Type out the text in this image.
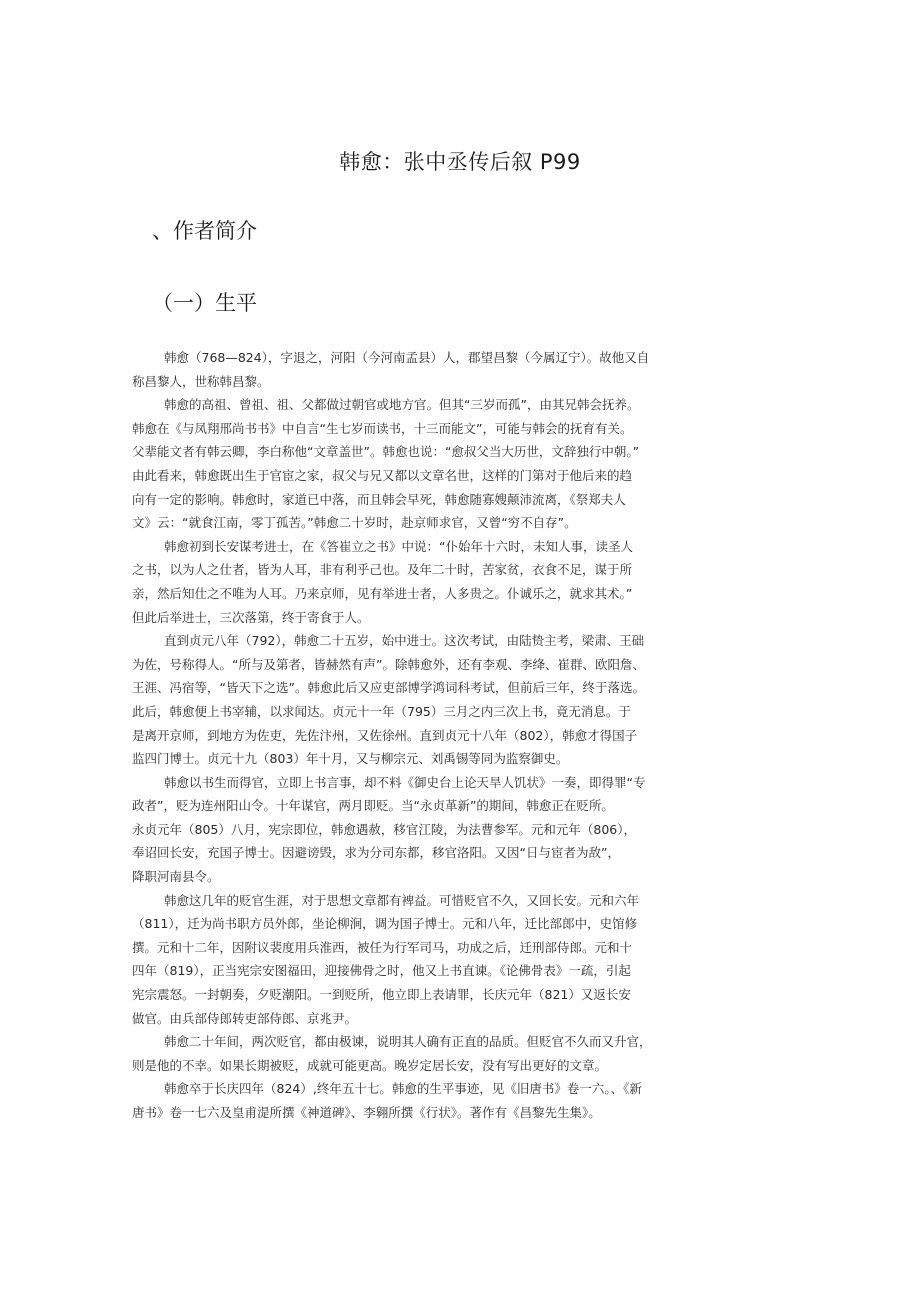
韩愈：张中丞传后叙 P99
、作者简介
（一）生平
韩愈（768—824），字退之，河阳（今河南孟县）人，郡望昌黎（今属辽宁）。故他又自
称昌黎人，世称韩昌黎。
韩愈的高祖、曾祖、祖、父都做过朝官或地方官。但其“三岁而孤”，由其兄韩会抚养。
韩愈在《与凤翔邢尚书书》中自言“生七岁而读书，十三而能文”，可能与韩会的抚育有关。
父辈能文者有韩云卿，李白称他“文章盖世”。韩愈也说：“愈叔父当大历世，文辞独行中朝。”
由此看来，韩愈既出生于官宦之家，叔父与兄又都以文章名世，这样的门第对于他后来的趋
向有一定的影响。韩愈时，家道已中落，而且韩会早死，韩愈随寡嫂颠沛流离，《祭郑夫人
文》云：“就食江南，零丁孤苦。”韩愈二十岁时，赴京师求官，又曾“穷不自存”。
韩愈初到长安谋考进士，在《答崔立之书》中说：“仆始年十六时，未知人事，读圣人
之书，以为人之仕者，皆为人耳，非有利乎己也。及年二十时，苦家贫，衣食不足，谋于所
亲，然后知仕之不唯为人耳。乃来京师，见有举进士者，人多贵之。仆诚乐之，就求其术。”
但此后举进士，三次落第，终于寄食于人。
直到贞元八年（792），韩愈二十五岁，始中进士。这次考试，由陆贽主考，梁肃、王础
为佐，号称得人。“所与及第者，皆赫然有声”。除韩愈外，还有李观、李绛、崔群、欧阳詹、
王涯、冯宿等，“皆天下之选”。韩愈此后又应吏部博学鸿词科考试，但前后三年，终于落选。
此后，韩愈便上书宰辅，以求闻达。贞元十一年（795）三月之内三次上书，竟无消息。于
是离开京师，到地方为佐吏，先佐汴州，又佐徐州。直到贞元十八年（802），韩愈才得国子
监四门博士。贞元十九（803）年十月，又与柳宗元、刘禹锡等同为监察御史。
韩愈以书生而得官，立即上书言事，却不料《御史台上论天旱人饥状》一奏，即得罪“专
政者”，贬为连州阳山令。十年谋官，两月即贬。当“永贞革新”的期间，韩愈正在贬所。
永贞元年（805）八月，宪宗即位，韩愈遇赦，移官江陵，为法曹参军。元和元年（806），
奉诏回长安，充国子博士。因避谤毁，求为分司东都，移官洛阳。又因“日与宦者为敌”，
降职河南县令。
韩愈这几年的贬官生涯，对于思想文章都有裨益。可惜贬官不久，又回长安。元和六年
（811），迁为尚书职方员外郎，坐论柳涧，调为国子博士。元和八年，迁比部郎中，史馆修
撰。元和十二年，因附议裴度用兵淮西，被任为行军司马，功成之后，迁刑部侍郎。元和十
四年（819），正当宪宗安图福田，迎接佛骨之时，他又上书直谏。《论佛骨表》一疏，引起
宪宗震怒。一封朝奏，夕贬潮阳。一到贬所，他立即上表请罪，长庆元年（821）又返长安
做官。由兵部侍郎转吏部侍郎、京兆尹。
韩愈二十年间，两次贬官，都由极谏，说明其人确有正直的品质。但贬官不久而又升官，
则是他的不幸。如果长期被贬，成就可能更高。晚岁定居长安，没有写出更好的文章。
韩愈卒于长庆四年（824）,终年五十七。韩愈的生平事迹，见《旧唐书》卷一六。、《新
唐书》卷一七六及皇甫湜所撰《神道碑》、李翱所撰《行状》。著作有《昌黎先生集》。
